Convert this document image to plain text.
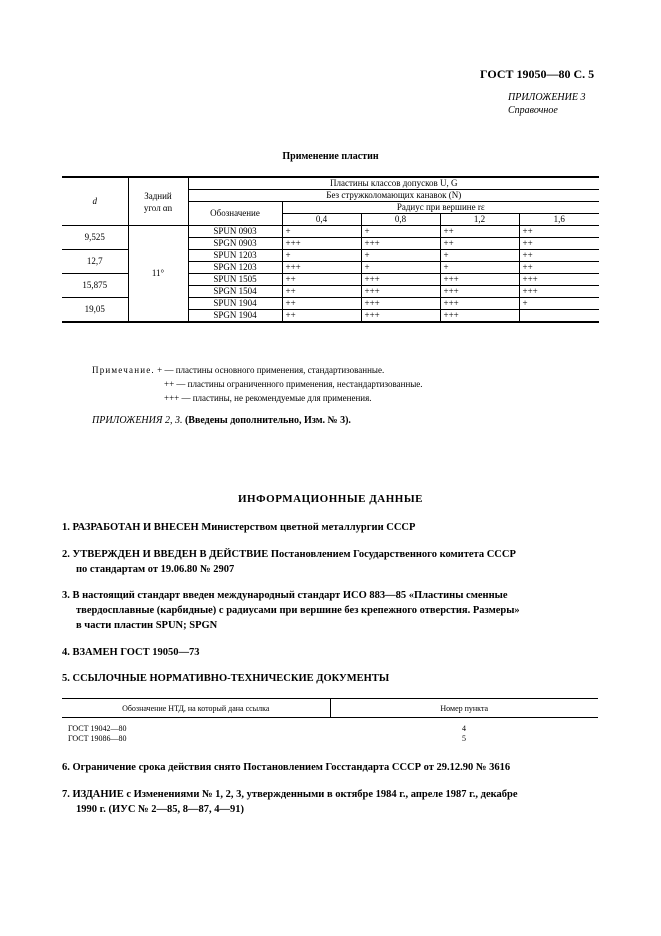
ГОСТ 19050—80 С. 5
ПРИЛОЖЕНИЕ 3
Справочное
Применение пластин
d	Задний угол αn	Пластины классов допусков U, G				
		Без стружколомающих канавок (N)				
		Обозначение	Радиус при вершине rε			
			0,4	0,8	1,2	1,6
9,525	11°	SPUN 0903	+	+	++	++
		SPGN 0903	+++	+++	++	++
12,7		SPUN 1203	+	+	+	++
		SPGN 1203	+++	+	+	++
15,875		SPUN 1505	++	+++	+++	+++
		SPGN 1504	++	+++	+++	+++
19,05		SPUN 1904	++	+++	+++	+
		SPGN 1904	++	+++	+++	
Примечание. + — пластины основного применения, стандартизованные.
++ — пластины ограниченного применения, нестандартизованные.
+++ — пластины, не рекомендуемые для применения.
ПРИЛОЖЕНИЯ 2, 3. (Введены дополнительно, Изм. № 3).
ИНФОРМАЦИОННЫЕ ДАННЫЕ
1. РАЗРАБОТАН И ВНЕСЕН Министерством цветной металлургии СССР
2. УТВЕРЖДЕН И ВВЕДЕН В ДЕЙСТВИЕ Постановлением Государственного комитета СССР
по стандартам от 19.06.80 № 2907
3. В настоящий стандарт введен международный стандарт ИСО 883—85 «Пластины сменные
твердосплавные (карбидные) с радиусами при вершине без крепежного отверстия. Размеры»
в части пластин SPUN; SPGN
4. ВЗАМЕН ГОСТ 19050—73
5. ССЫЛОЧНЫЕ НОРМАТИВНО-ТЕХНИЧЕСКИЕ ДОКУМЕНТЫ
Обозначение НТД, на который дана ссылка	Номер пункта

ГОСТ 19042—80	4
ГОСТ 19086—80	5
6. Ограничение срока действия снято Постановлением Госстандарта СССР от 29.12.90 № 3616
7. ИЗДАНИЕ с Изменениями № 1, 2, 3, утвержденными в октябре 1984 г., апреле 1987 г., декабре
1990 г. (ИУС № 2—85, 8—87, 4—91)
